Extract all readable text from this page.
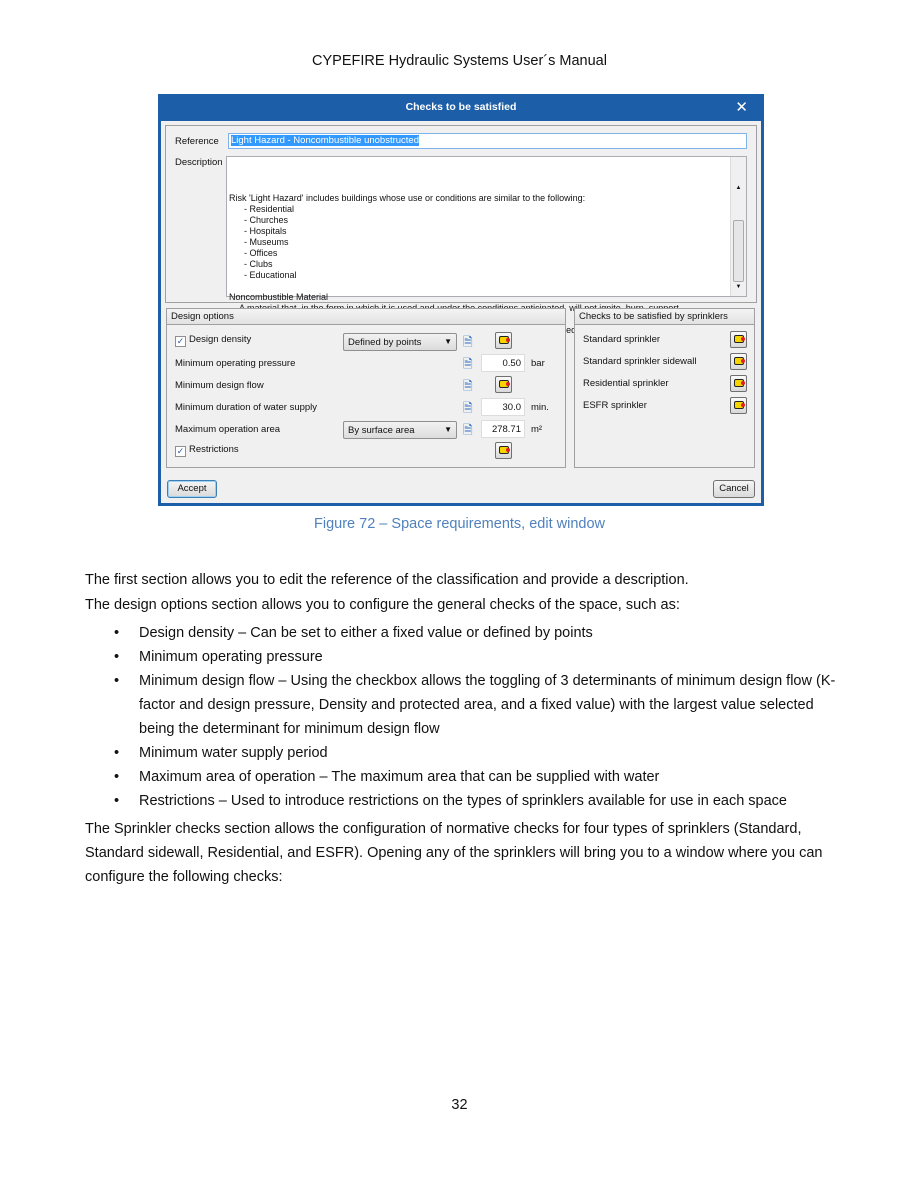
CYPEFIRE Hydraulic Systems User´s Manual
Checks to be satisfied	✕
Reference	Light Hazard - Noncombustible unobstructed
Description

▲

▼

Risk 'Light Hazard' includes buildings whose use or conditions are similar to the following:
- Residential
- Churches
- Hospitals
- Museums
- Offices
- Clubs
- Educational
Noncombustible Material
Design options
✓ Design density	Defined by points	▼ 🗎
Minimum operating pressure	🗎	0.50	bar
Minimum design flow	🗎
Minimum duration of water supply	🗎	30.0	min.
Maximum operation area	By surface area	▼ 🗎	278.71	m²
✓ Restrictions
Checks to be satisfied by sprinklers
Standard sprinkler
Standard sprinkler sidewall
Residential sprinkler
ESFR sprinkler
Accept	Cancel
Figure 72 – Space requirements, edit window

The first section allows you to edit the reference of the classification and provide a description.

The design options section allows you to configure the general checks of the space, such as:

• Design density – Can be set to either a fixed value or defined by points
• Minimum operating pressure
• Minimum design flow – Using the checkbox allows the toggling of 3 determinants of minimum design flow (K-factor and design pressure, Density and protected area, and a fixed value) with the largest value selected being the determinant for minimum design flow
• Minimum water supply period
• Maximum area of operation – The maximum area that can be supplied with water
• Restrictions – Used to introduce restrictions on the types of sprinklers available for use in each space

The Sprinkler checks section allows the configuration of normative checks for four types of sprinklers (Standard, Standard sidewall, Residential, and ESFR). Opening any of the sprinklers will bring you to a window where you can configure the following checks:

32
